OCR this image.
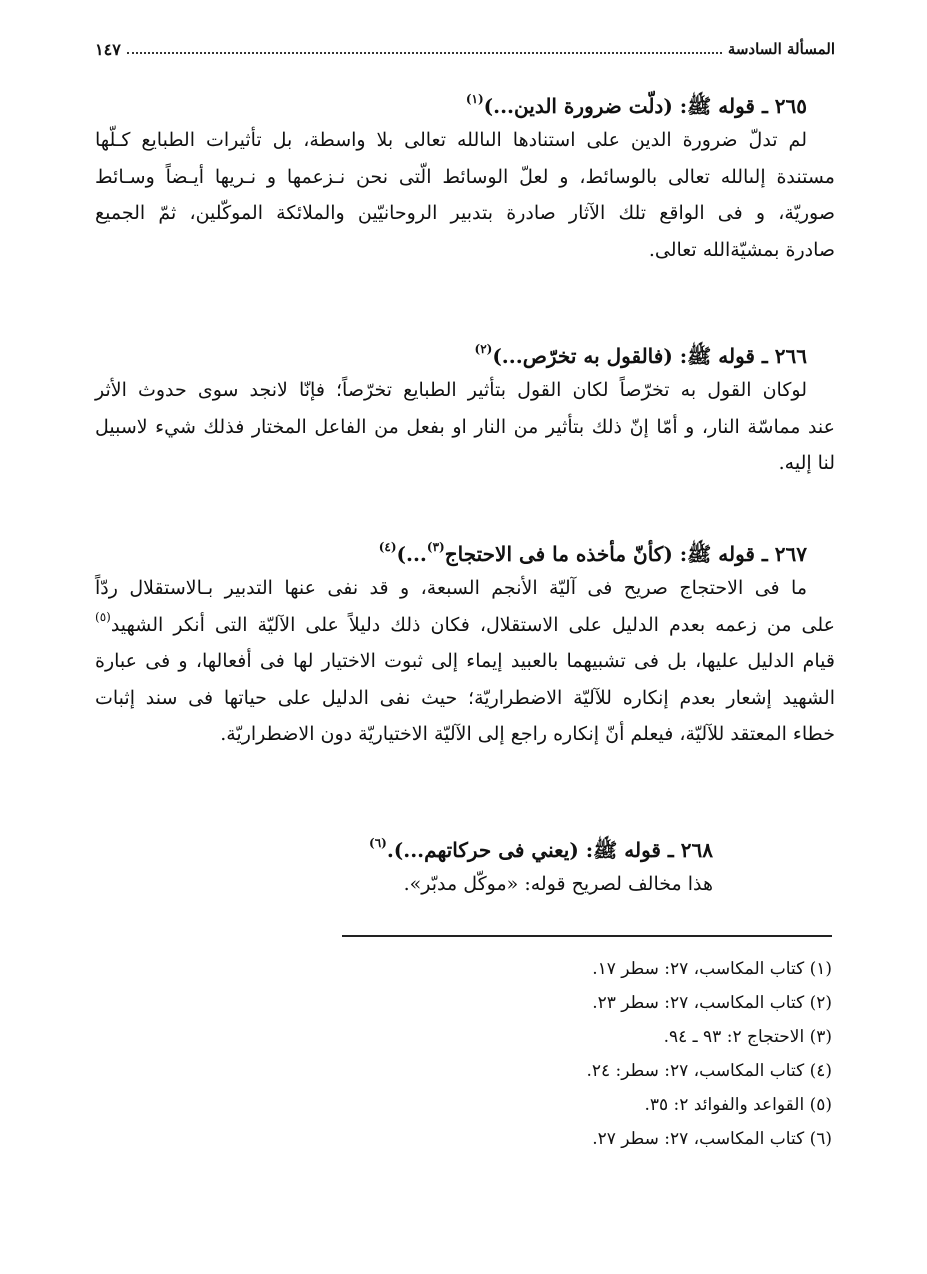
المسألة السادسة
١٤٧
٢٦٥ ـ قوله ﷺ: (دلّت ضرورة الدين...)$^{(١)}$
لم تدلّ ضرورة الدين على استنادها الىالله تعالى بلا واسطة، بل تأثيرات الطبايع كـلّها
مستندة إلىالله تعالى بالوسائط، و لعلّ الوسائط الّتى نحن نـزعمها و نـريها أيـضاً وسـائط
صوريّة، و فى الواقع تلك الآثار صادرة بتدبير الروحانيّين والملائكة الموكّلين، ثمّ الجميع
صادرة بمشيّةالله تعالى.
٢٦٦ ـ قوله ﷺ: (فالقول به تخرّص...)$^{(٢)}$
لوكان القول به تخرّصاً لكان القول بتأثير الطبايع تخرّصاً؛ فإنّا لانجد سوى حدوث الأثر
عند مماسّة النار، و أمّا إنّ ذلك بتأثير من النار او بفعل من الفاعل المختار فذلك شيء لاسبيل
لنا إليه.
٢٦٧ ـ قوله ﷺ: (كأنّ مأخذه ما فى الاحتجاج$^{(٣)}$...)$^{(٤)}$
ما فى الاحتجاج صريح فى آليّة الأنجم السبعة، و قد نفى عنها التدبير بـالاستقلال ردّاً
على من زعمه بعدم الدليل على الاستقلال، فكان ذلك دليلاً على الآليّة التى أنكر الشهيد$^{(٥)}$
قيام الدليل عليها، بل فى تشبيهما بالعبيد إيماء إلى ثبوت الاختيار لها فى أفعالها، و فى عبارة
الشهيد إشعار بعدم إنكاره للآليّة الاضطراريّة؛ حيث نفى الدليل على حياتها فى سند إثبات
خطاء المعتقد للآليّة، فيعلم أنّ إنكاره راجع إلى الآليّة الاختياريّة دون الاضطراريّة.
٢٦٨ ـ قوله ﷺ: (يعني فى حركاتهم...).$^{(٦)}$
هذا مخالف لصريح قوله: «موكّل مدبّر».
(١) كتاب المكاسب، ٢٧: سطر ١٧.
(٢) كتاب المكاسب، ٢٧: سطر ٢٣.
(٣) الاحتجاج ٢: ٩٣ ـ ٩٤.
(٤) كتاب المكاسب، ٢٧: سطر: ٢٤.
(٥) القواعد والفوائد ٢: ٣٥.
(٦) كتاب المكاسب، ٢٧: سطر ٢٧.
